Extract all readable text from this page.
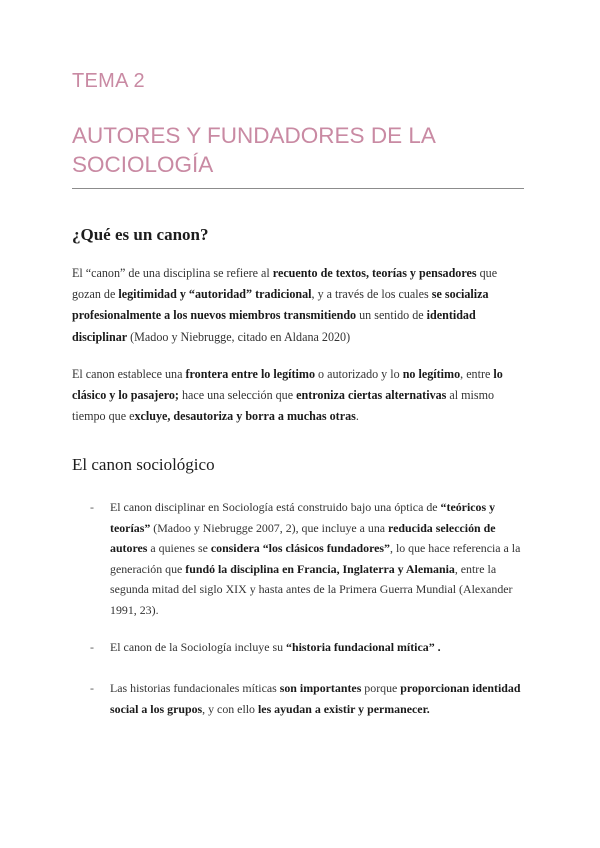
TEMA 2
AUTORES Y FUNDADORES DE LA SOCIOLOGÍA
¿Qué es un canon?

El “canon” de una disciplina se refiere al recuento de textos, teorías y pensadores que gozan de legitimidad y “autoridad” tradicional, y a través de los cuales se socializa profesionalmente a los nuevos miembros transmitiendo un sentido de identidad disciplinar (Madoo y Niebrugge, citado en Aldana 2020)

El canon establece una frontera entre lo legítimo o autorizado y lo no legítimo, entre lo clásico y lo pasajero; hace una selección que entroniza ciertas alternativas al mismo tiempo que excluye, desautoriza y borra a muchas otras.

El canon sociológico
- El canon disciplinar en Sociología está construido bajo una óptica de “teóricos y teorías” (Madoo y Niebrugge 2007, 2), que incluye a una reducida selección de autores a quienes se considera “los clásicos fundadores”, lo que hace referencia a la generación que fundó la disciplina en Francia, Inglaterra y Alemania, entre la segunda mitad del siglo XIX y hasta antes de la Primera Guerra Mundial (Alexander 1991, 23).
- El canon de la Sociología incluye su “historia fundacional mítica” .
- Las historias fundacionales míticas son importantes porque proporcionan identidad social a los grupos, y con ello les ayudan a existir y permanecer.
